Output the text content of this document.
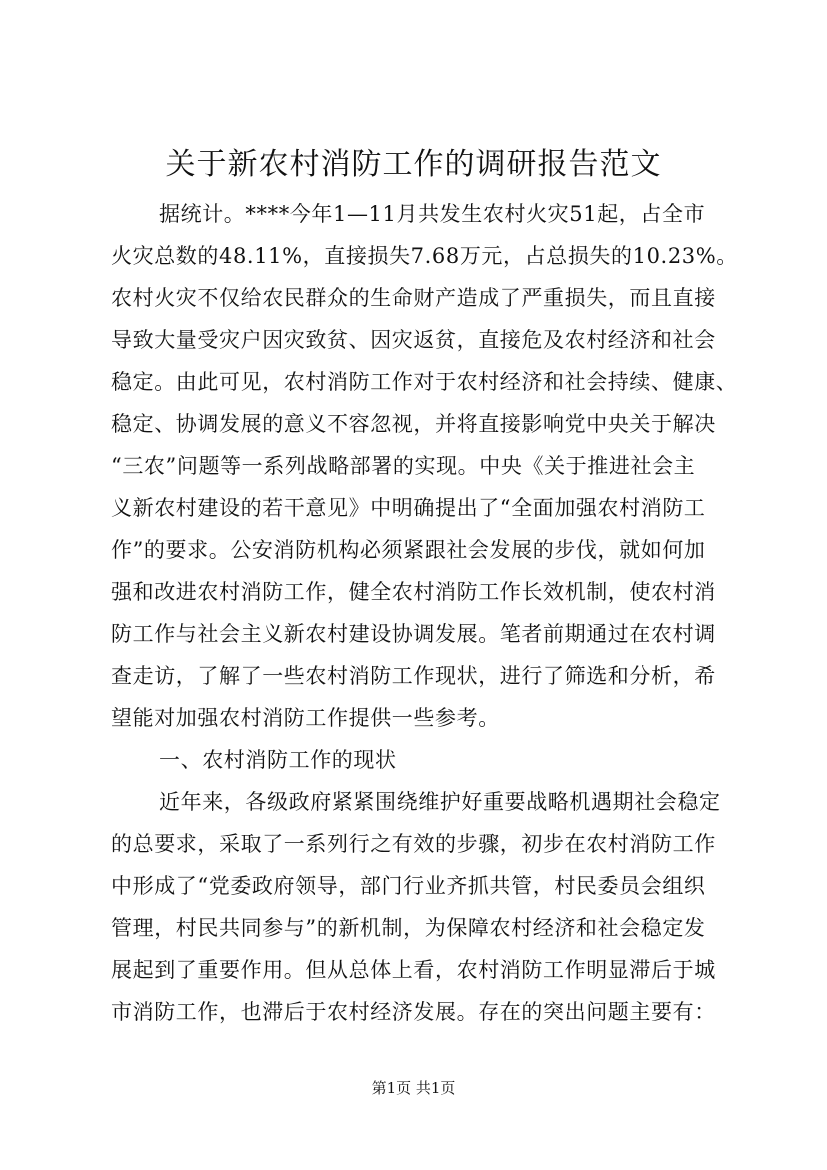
关于新农村消防工作的调研报告范文

据统计。****今年1—11月共发生农村火灾51起，占全市

火灾总数的48.11%，直接损失7.68万元，占总损失的10.23%。

农村火灾不仅给农民群众的生命财产造成了严重损失，而且直接

导致大量受灾户因灾致贫、因灾返贫，直接危及农村经济和社会

稳定。由此可见，农村消防工作对于农村经济和社会持续、健康、

稳定、协调发展的意义不容忽视，并将直接影响党中央关于解决

“三农”问题等一系列战略部署的实现。中央《关于推进社会主

义新农村建设的若干意见》中明确提出了“全面加强农村消防工

作”的要求。公安消防机构必须紧跟社会发展的步伐，就如何加

强和改进农村消防工作，健全农村消防工作长效机制，使农村消

防工作与社会主义新农村建设协调发展。笔者前期通过在农村调

查走访，了解了一些农村消防工作现状，进行了筛选和分析，希

望能对加强农村消防工作提供一些参考。

一、农村消防工作的现状

近年来，各级政府紧紧围绕维护好重要战略机遇期社会稳定

的总要求，采取了一系列行之有效的步骤，初步在农村消防工作

中形成了“党委政府领导，部门行业齐抓共管，村民委员会组织

管理，村民共同参与”的新机制，为保障农村经济和社会稳定发

展起到了重要作用。但从总体上看，农村消防工作明显滞后于城

市消防工作，也滞后于农村经济发展。存在的突出问题主要有：

第1页 共1页
